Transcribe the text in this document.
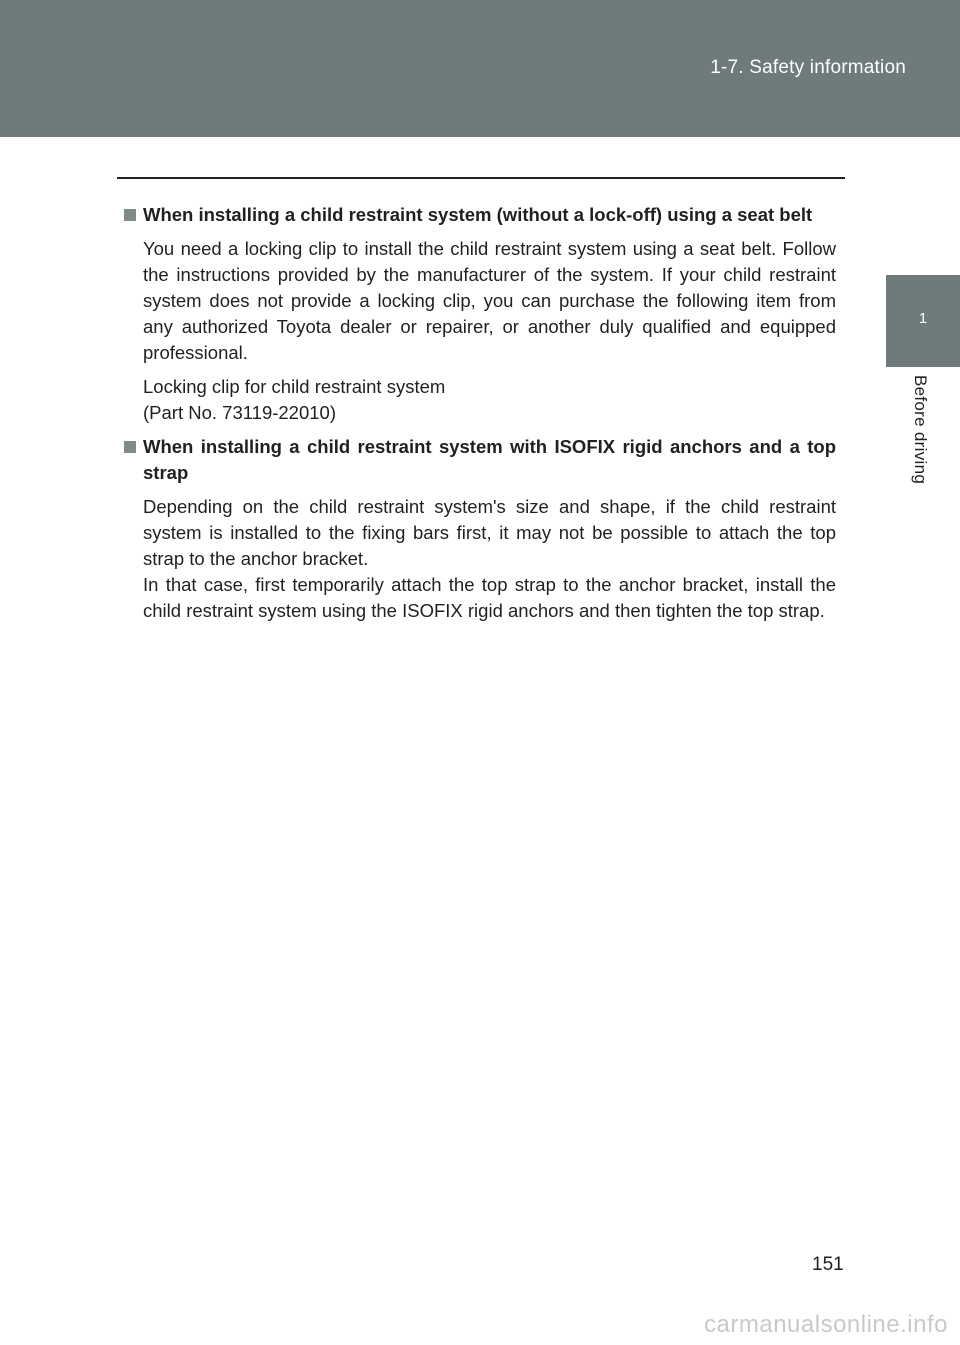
1-7. Safety information
1
Before driving
When installing a child restraint system (without a lock-off) using a seat belt
You need a locking clip to install the child restraint system using a seat belt. Follow the instructions provided by the manufacturer of the system. If your child restraint system does not provide a locking clip, you can purchase the following item from any authorized Toyota dealer or repairer, or another duly qualified and equipped professional.
Locking clip for child restraint system
(Part No. 73119-22010)
When installing a child restraint system with ISOFIX rigid anchors and a top strap
Depending on the child restraint system's size and shape, if the child restraint system is installed to the fixing bars first, it may not be possible to attach the top strap to the anchor bracket.
In that case, first temporarily attach the top strap to the anchor bracket, install the child restraint system using the ISOFIX rigid anchors and then tighten the top strap.
151
carmanualsonline.info
